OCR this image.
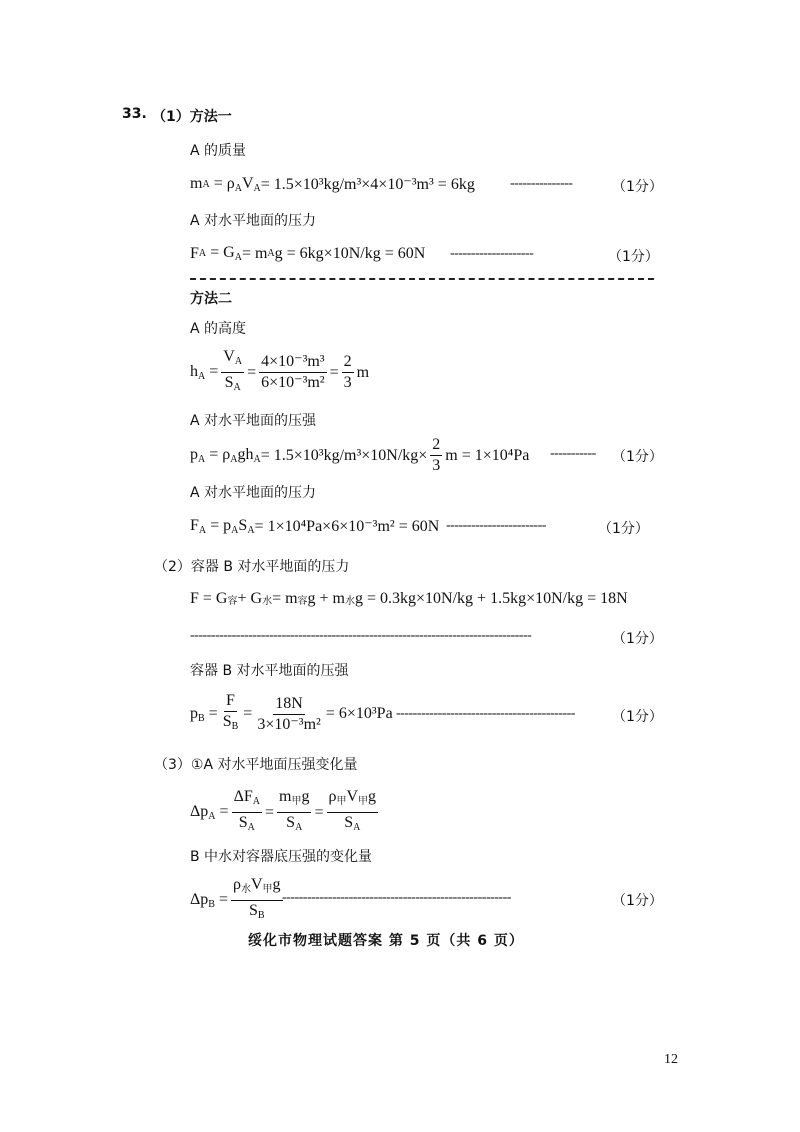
33. （1）方法一
A 的质量
m $A = \rho_AV_A = 1.5\times 10^3kg/m^3\times 4\times 10^{-3}m^3 = 6kg$	---------------	（1分）
A 对水平地面的压力
F $A = G_A = m$ A g = 6kg×10N/kg = 60N --------------------	（1分）
方法二
A 的高度
$h_A = \frac{V_A}{S_A} = \frac{\text{4×10⁻³m³}}{\text{6×10⁻³m²}} = \frac{2}{3}$ m
A 对水平地面的压强
$p_A = \rho_Agh_A = 1.5\times 10^3kg/m^3\times 10N/kg\times \frac{2}{3}$ m = 1×10⁴Pa ----------- （1分）
A 对水平地面的压力
$F_A = p_AS_A = 1\times 10^4Pa\times 6\times 10^{-3}m^2 = 60N$ ------------------------	（1分）
（2）容器 B 对水平地面的压力
F = G 容 + G 水 = m 容 g + m 水 g = 0.3kg×10N/kg + 1.5kg×10N/kg = 18N
----------------------------------------------------------------------------------	（1分）
容器 B 对水平地面的压强
$p_B = \frac{F}{S_B} = \frac{18N}{\text{3×10⁻³m²}} = 6\times 10^3Pa$ -------------------------------------------	（1分）
（3）①A 对水平地面压强变化量
$\Delta p_A = \frac{\Delta F_A}{S_A} = \frac{m_甲g}{S_A} = \frac{\rho_甲V_甲g}{S_A}$
B 中水对容器底压强的变化量
$\Delta p_B = \frac{\rho_水V_甲g}{S_B}$ -------------------------------------------------------	（1分）
绥化市物理试题答案 第 5 页（共 6 页）
12
